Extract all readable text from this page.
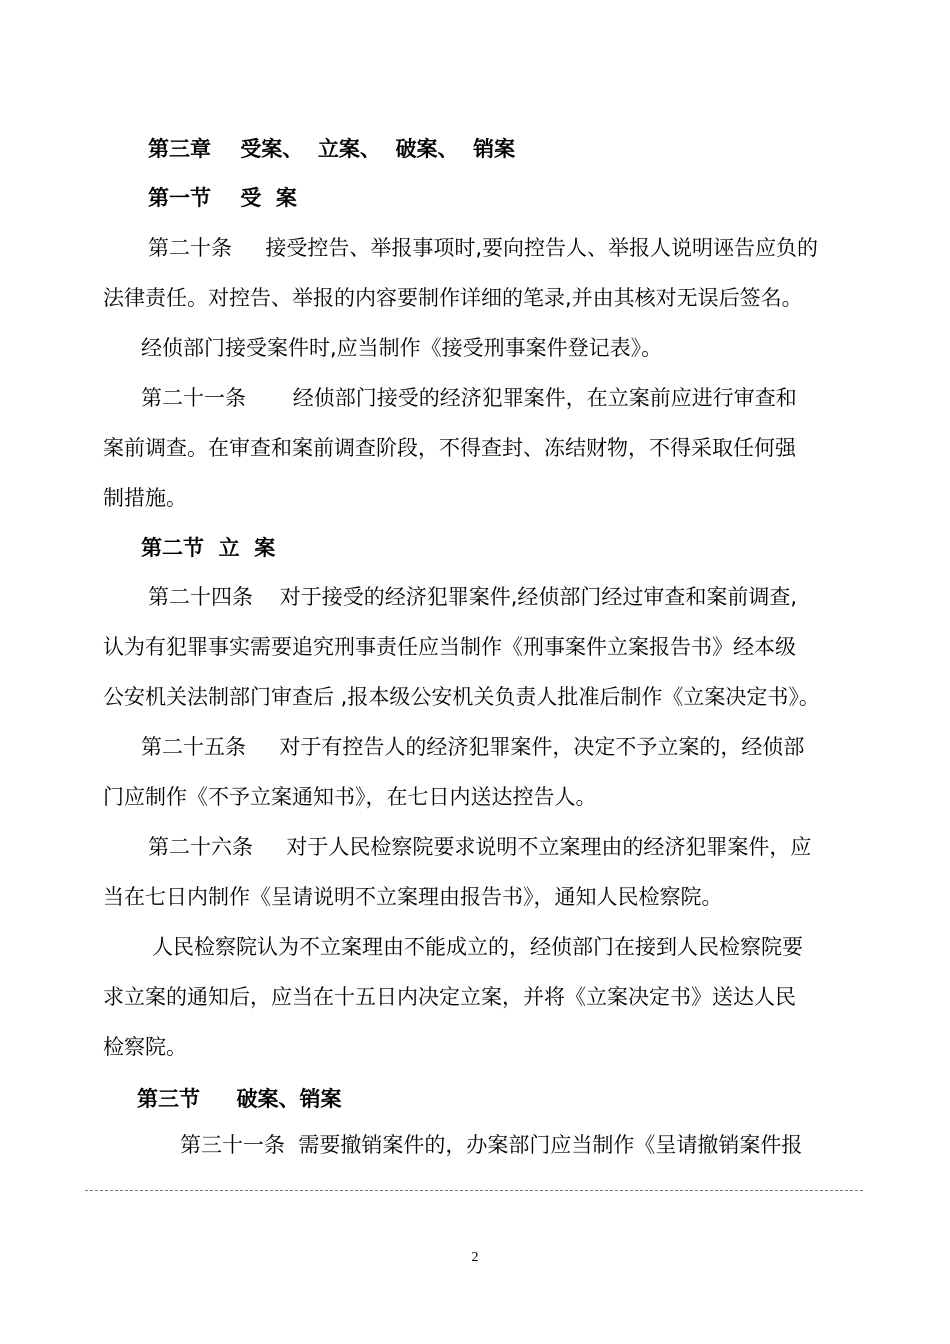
第三章    受案、  立案、  破案、  销案
第一节    受  案
第二十条     接受控告、举报事项时,要向控告人、举报人说明诬告应负的
法律责任。对控告、举报的内容要制作详细的笔录,并由其核对无误后签名。
经侦部门接受案件时,应当制作《接受刑事案件登记表》。
第二十一条       经侦部门接受的经济犯罪案件，在立案前应进行审查和
案前调查。在审查和案前调查阶段，不得查封、冻结财物，不得采取任何强
制措施。
第二节  立  案
第二十四条    对于接受的经济犯罪案件,经侦部门经过审查和案前调查,
认为有犯罪事实需要追究刑事责任应当制作《刑事案件立案报告书》经本级
公安机关法制部门审查后 ,报本级公安机关负责人批准后制作《立案决定书》。
第二十五条     对于有控告人的经济犯罪案件，决定不予立案的，经侦部
门应制作《不予立案通知书》，在七日内送达控告人。
第二十六条     对于人民检察院要求说明不立案理由的经济犯罪案件，应
当在七日内制作《呈请说明不立案理由报告书》，通知人民检察院。
人民检察院认为不立案理由不能成立的，经侦部门在接到人民检察院要
求立案的通知后，应当在十五日内决定立案，并将《立案决定书》送达人民
检察院。
第三节     破案、销案
第三十一条  需要撤销案件的，办案部门应当制作《呈请撤销案件报
2
